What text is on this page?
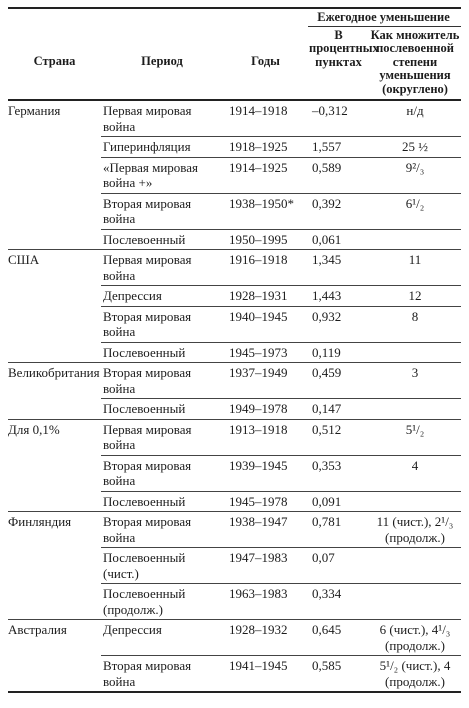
			Ежегодное уменьшение	
Страна	Период	Годы	В процентных пунктах	Как множитель послевоенной степени уменьшения (округлено)
Германия	Первая мировая война	1914–1918	–0,312	н/д
	Гиперинфляция	1918–1925	1,557	25 ½
	«Первая мировая война +»	1914–1925	0,589	9²/₃
	Вторая мировая война	1938–1950*	0,392	6¹/₂
	Послевоенный	1950–1995	0,061	
США	Первая мировая война	1916–1918	1,345	11
	Депрессия	1928–1931	1,443	12
	Вторая мировая война	1940–1945	0,932	8
	Послевоенный	1945–1973	0,119	
Великобритания	Вторая мировая война	1937–1949	0,459	3
	Послевоенный	1949–1978	0,147	
Для 0,1%	Первая мировая война	1913–1918	0,512	5¹/₂
	Вторая мировая война	1939–1945	0,353	4
	Послевоенный	1945–1978	0,091	
Финляндия	Вторая мировая война	1938–1947	0,781	11 (чист.), 2¹/₃ (продолж.)
	Послевоенный (чист.)	1947–1983	0,07	
	Послевоенный (продолж.)	1963–1983	0,334	
Австралия	Депрессия	1928–1932	0,645	6 (чист.), 4¹/₃ (продолж.)
	Вторая мировая война	1941–1945	0,585	5¹/₂ (чист.), 4 (продолж.)
